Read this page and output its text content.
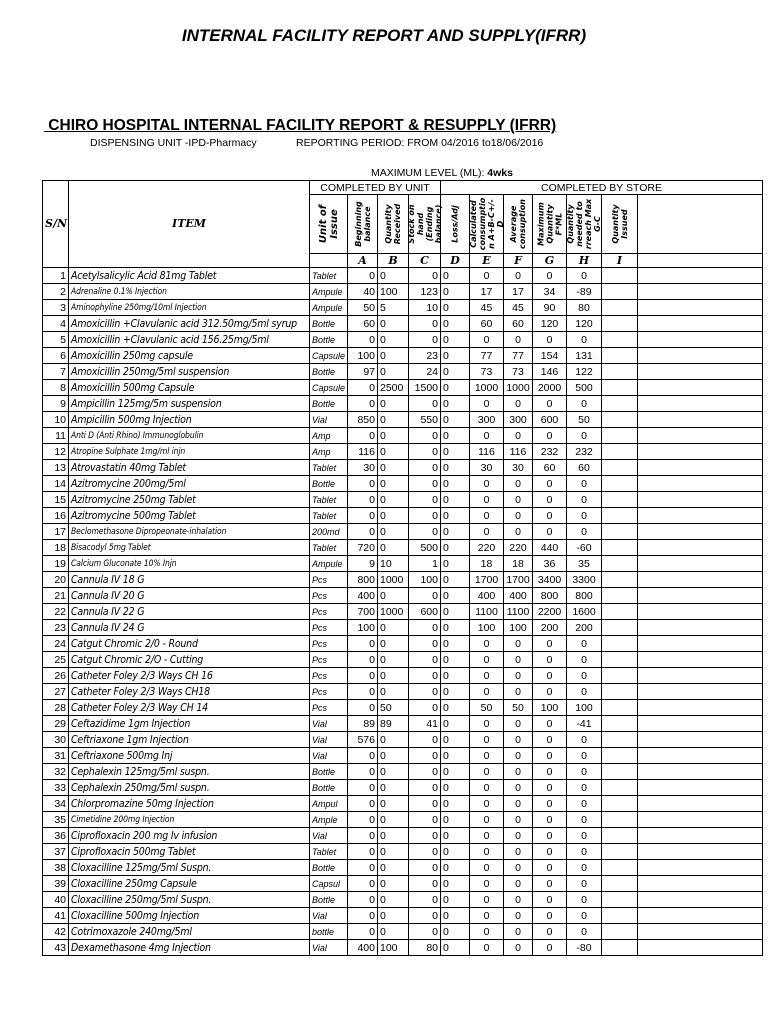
INTERNAL FACILITY REPORT AND SUPPLY(IFRR)
CHIRO HOSPITAL INTERNAL FACILITY REPORT & RESUPPLY (IFRR)
DISPENSING UNIT -IPD-Pharmacy	REPORTING PERIOD: FROM 04/2016 to18/06/2016
MAXIMUM LEVEL (ML): 4wks
S/N	ITEM	COMPLETED BY UNIT				COMPLETED BY STORE						

		Unit of Issue	Beginning balance	Quantity Received	Stock on hand (Ending balance)	Loss/Adj	Calculated consumptio n A+B-C+/-D	Average consuption	Maximum Quantity F*ML	Quantity needed to rreach Max G-C	Quantity Issued	

			A	B	C	D	E	F	G	H	I	
1	Acetylsalicylic Acid 81mg Tablet	Tablet	0	0	0	0	0	0	0	0		
2	Adrenaline 0.1% Injection	Ampule	40	100	123	0	17	17	34	-89		
3	Aminophyline 250mg/10ml Injection	Ampule	50	5	10	0	45	45	90	80		
4	Amoxicillin +Clavulanic acid 312.50mg/5ml syrup	Bottle	60	0	0	0	60	60	120	120		
5	Amoxicillin +Clavulanic acid 156.25mg/5ml	Bottle	0	0	0	0	0	0	0	0		
6	Amoxicillin 250mg capsule	Capsule	100	0	23	0	77	77	154	131		
7	Amoxicillin 250mg/5ml suspension	Bottle	97	0	24	0	73	73	146	122		
8	Amoxicillin 500mg Capsule	Capsule	0	2500	1500	0	1000	1000	2000	500		
9	Ampicillin 125mg/5m suspension	Bottle	0	0	0	0	0	0	0	0		
10	Ampicillin 500mg Injection	Vial	850	0	550	0	300	300	600	50		
11	Anti D (Anti Rhino) Immunoglobulin	Amp	0	0	0	0	0	0	0	0		
12	Atropine Sulphate 1mg/ml injn	Amp	116	0	0	0	116	116	232	232		
13	Atrovastatin 40mg Tablet	Tablet	30	0	0	0	30	30	60	60		
14	Azitromycine 200mg/5ml	Bottle	0	0	0	0	0	0	0	0		
15	Azitromycine 250mg Tablet	Tablet	0	0	0	0	0	0	0	0		
16	Azitromycine 500mg Tablet	Tablet	0	0	0	0	0	0	0	0		
17	Beclomethasone Dipropeonate-inhalation	200md	0	0	0	0	0	0	0	0		
18	Bisacodyl 5mg Tablet	Tablet	720	0	500	0	220	220	440	-60		
19	Calcium Gluconate 10% Injn	Ampule	9	10	1	0	18	18	36	35		
20	Cannula IV 18 G	Pcs	800	1000	100	0	1700	1700	3400	3300		
21	Cannula IV 20 G	Pcs	400	0	0	0	400	400	800	800		
22	Cannula IV 22 G	Pcs	700	1000	600	0	1100	1100	2200	1600		
23	Cannula IV 24 G	Pcs	100	0	0	0	100	100	200	200		
24	Catgut Chromic 2/0 - Round	Pcs	0	0	0	0	0	0	0	0		
25	Catgut Chromic 2/O - Cutting	Pcs	0	0	0	0	0	0	0	0		
26	Catheter Foley 2/3 Ways CH 16	Pcs	0	0	0	0	0	0	0	0		
27	Catheter Foley 2/3 Ways CH18	Pcs	0	0	0	0	0	0	0	0		
28	Catheter Foley 2/3 Way CH 14	Pcs	0	50	0	0	50	50	100	100		
29	Ceftazidime 1gm Injection	Vial	89	89	41	0	0	0	0	-41		
30	Ceftriaxone 1gm Injection	Vial	576	0	0	0	0	0	0	0		
31	Ceftriaxone 500mg Inj	Vial	0	0	0	0	0	0	0	0		
32	Cephalexin 125mg/5ml suspn.	Bottle	0	0	0	0	0	0	0	0		
33	Cephalexin 250mg/5ml suspn.	Bottle	0	0	0	0	0	0	0	0		
34	Chlorpromazine 50mg Injection	Ampul	0	0	0	0	0	0	0	0		
35	Cimetidine 200mg Injection	Ample	0	0	0	0	0	0	0	0		
36	Ciprofloxacin 200 mg Iv infusion	Vial	0	0	0	0	0	0	0	0		
37	Ciprofloxacin 500mg Tablet	Tablet	0	0	0	0	0	0	0	0		
38	Cloxacilline 125mg/5ml Suspn.	Bottle	0	0	0	0	0	0	0	0		
39	Cloxacilline 250mg Capsule	Capsul	0	0	0	0	0	0	0	0		
40	Cloxacilline 250mg/5ml Suspn.	Bottle	0	0	0	0	0	0	0	0		
41	Cloxacilline 500mg Injection	Vial	0	0	0	0	0	0	0	0		
42	Cotrimoxazole 240mg/5ml	bottle	0	0	0	0	0	0	0	0		
43	Dexamethasone 4mg Injection	Vial	400	100	80	0	0	0	0	-80		
